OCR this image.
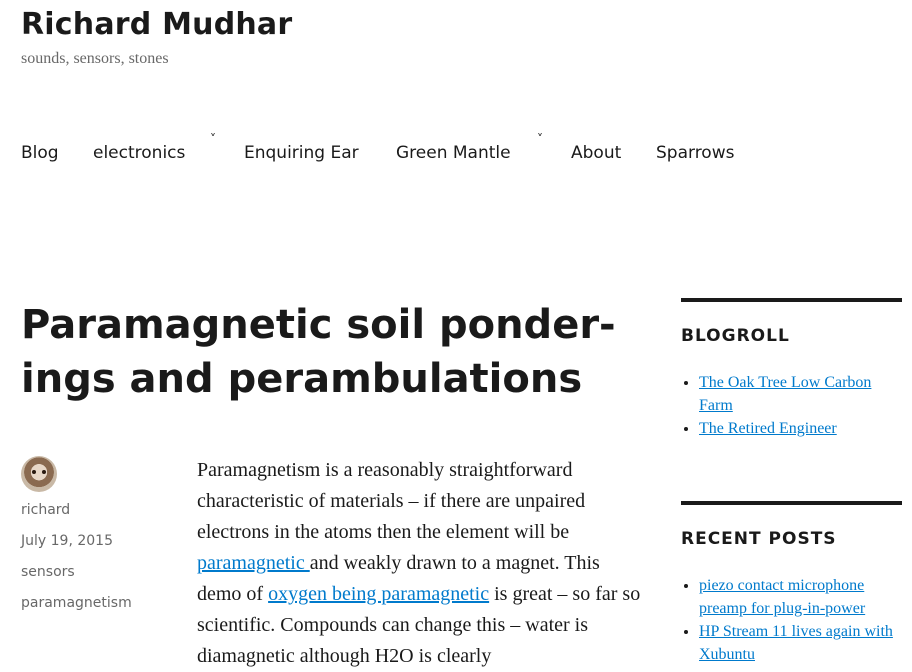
Richard Mudhar

sounds, sensors, stones

Blog electronics
˅
Enquiring Ear Green Mantle
˅
About Sparrows
Paramagnetic soil ponder-
ings and perambulations
richard
July 19, 2015
sensors
paramagnetism

Paramagnetism is a reasonably straightforward characteristic of materials – if there are unpaired electrons in the atoms then the element will be paramagnetic and weakly drawn to a magnet. This demo of oxygen being paramagnetic is great – so far so scientific. Compounds can change this – water is diamagnetic although H2O is clearly

BLOGROLL
• The Oak Tree Low Carbon Farm
• The Retired Engineer
RECENT POSTS
• piezo contact microphone preamp for plug-in-power
• HP Stream 11 lives again with Xubuntu
